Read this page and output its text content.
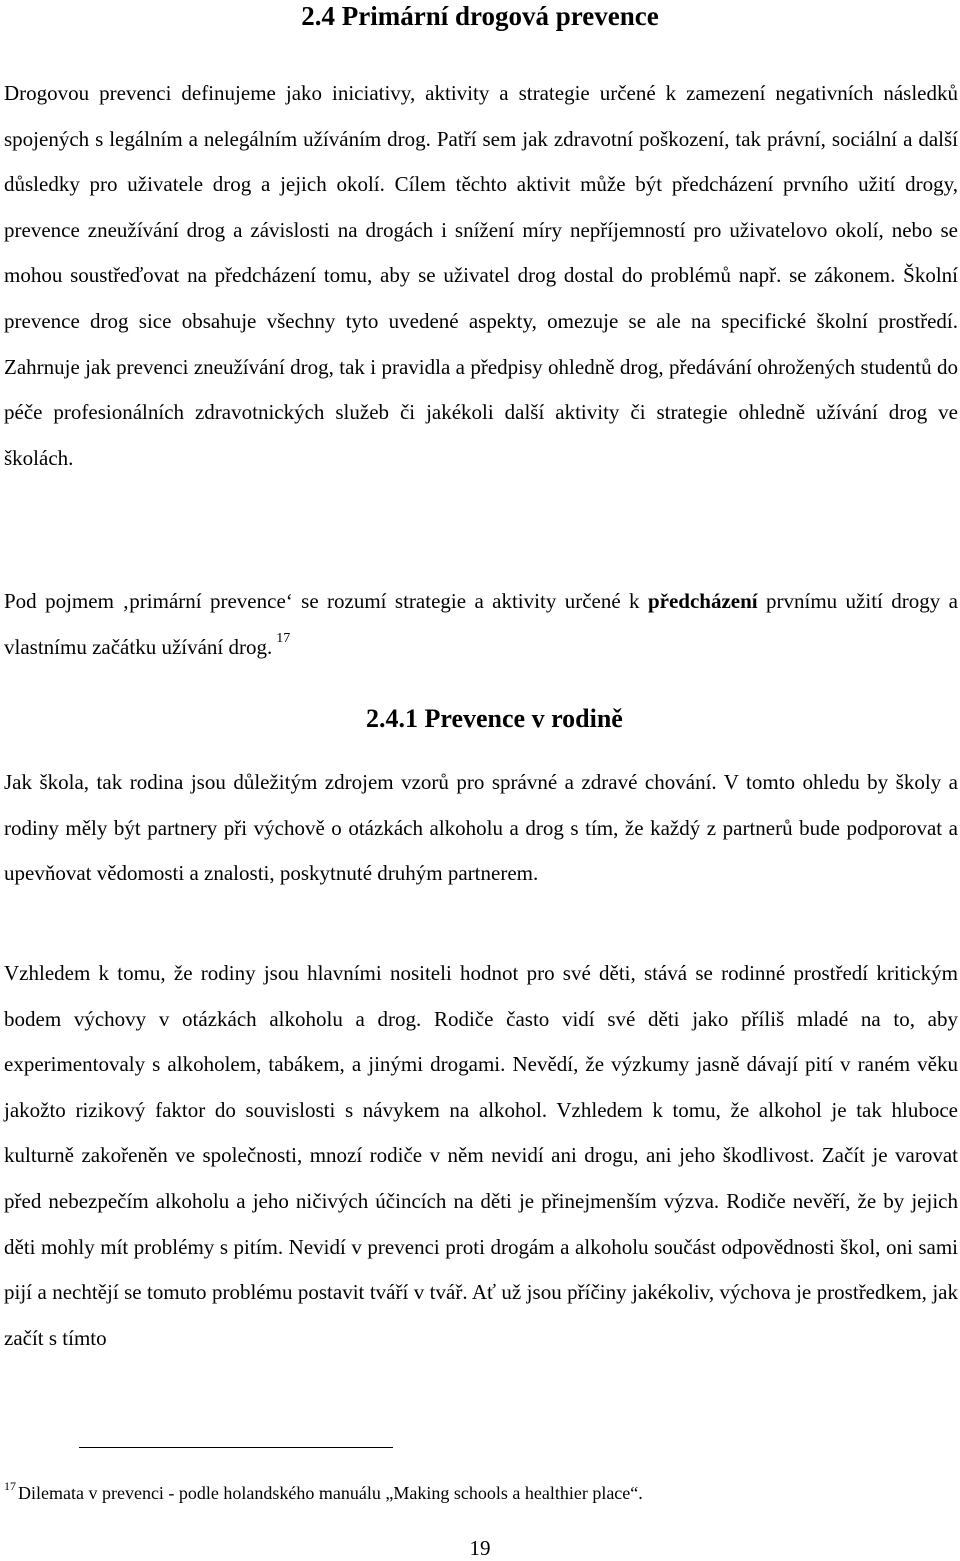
2.4 Primární drogová prevence

Drogovou prevenci definujeme jako iniciativy, aktivity a strategie určené k zamezení negativních následků spojených s legálním a nelegálním užíváním drog. Patří sem jak zdravotní poškození, tak právní, sociální a další důsledky pro uživatele drog a jejich okolí. Cílem těchto aktivit může být předcházení prvního užití drogy, prevence zneužívání drog a závislosti na drogách i snížení míry nepříjemností pro uživatelovo okolí, nebo se mohou soustřeďovat na předcházení tomu, aby se uživatel drog dostal do problémů např. se zákonem. Školní prevence drog sice obsahuje všechny tyto uvedené aspekty, omezuje se ale na specifické školní prostředí. Zahrnuje jak prevenci zneužívání drog, tak i pravidla a předpisy ohledně drog, předávání ohrožených studentů do péče profesionálních zdravotnických služeb či jakékoli další aktivity či strategie ohledně užívání drog ve školách.

Pod pojmem ‚primární prevence‘ se rozumí strategie a aktivity určené k předcházení prvnímu užití drogy a vlastnímu začátku užívání drog. $^{17}$

2.4.1 Prevence v rodině

Jak škola, tak rodina jsou důležitým zdrojem vzorů pro správné a zdravé chování. V tomto ohledu by školy a rodiny měly být partnery při výchově o otázkách alkoholu a drog s tím, že každý z partnerů bude podporovat a upevňovat vědomosti a znalosti, poskytnuté druhým partnerem.

Vzhledem k tomu, že rodiny jsou hlavními nositeli hodnot pro své děti, stává se rodinné prostředí kritickým bodem výchovy v otázkách alkoholu a drog. Rodiče často vidí své děti jako příliš mladé na to, aby experimentovaly s alkoholem, tabákem, a jinými drogami. Nevědí, že výzkumy jasně dávají pití v raném věku jakožto rizikový faktor do souvislosti s návykem na alkohol. Vzhledem k tomu, že alkohol je tak hluboce kulturně zakořeněn ve společnosti, mnozí rodiče v něm nevidí ani drogu, ani jeho škodlivost. Začít je varovat před nebezpečím alkoholu a jeho ničivých účincích na děti je přinejmenším výzva. Rodiče nevěří, že by jejich děti mohly mít problémy s pitím. Nevidí v prevenci proti drogám a alkoholu součást odpovědnosti škol, oni sami pijí a nechtějí se tomuto problému postavit tváří v tvář. Ať už jsou příčiny jakékoliv, výchova je prostředkem, jak začít s tímto

$^{17}$ Dilemata v prevenci - podle holandského manuálu „Making schools a healthier place“.
19
